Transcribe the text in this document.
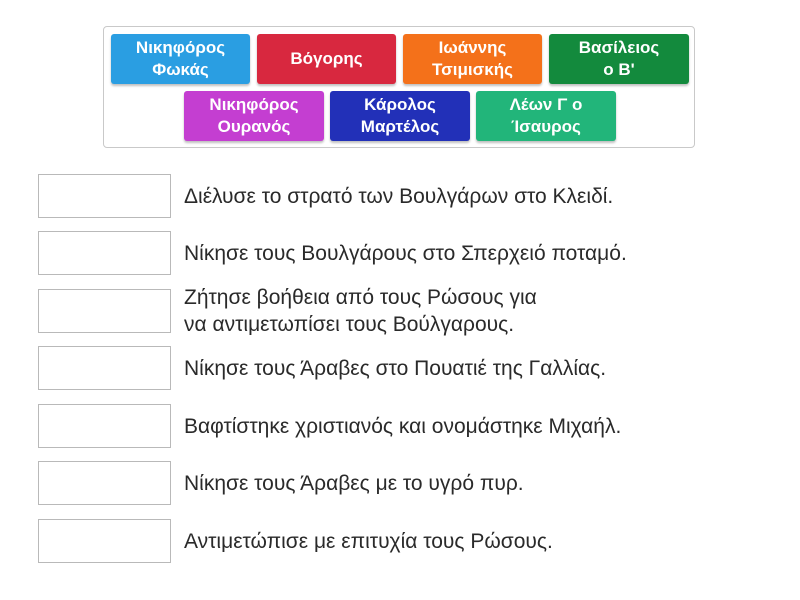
Νικηφόρος
Φωκάς
Βόγορης
Ιωάννης
Τσιμισκής
Βασίλειος
ο Β'
Νικηφόρος
Ουρανός
Κάρολος
Μαρτέλος
Λέων Γ ο
Ίσαυρος
Διέλυσε το στρατό των Βουλγάρων στο Κλειδί.
Νίκησε τους Βουλγάρους στο Σπερχειό ποταμό.
Ζήτησε βοήθεια από τους Ρώσους για
να αντιμετωπίσει τους Βούλγαρους.
Νίκησε τους Άραβες στο Πουατιέ της Γαλλίας.
Βαφτίστηκε χριστιανός και ονομάστηκε Μιχαήλ.
Νίκησε τους Άραβες με το υγρό πυρ.
Αντιμετώπισε με επιτυχία τους Ρώσους.
